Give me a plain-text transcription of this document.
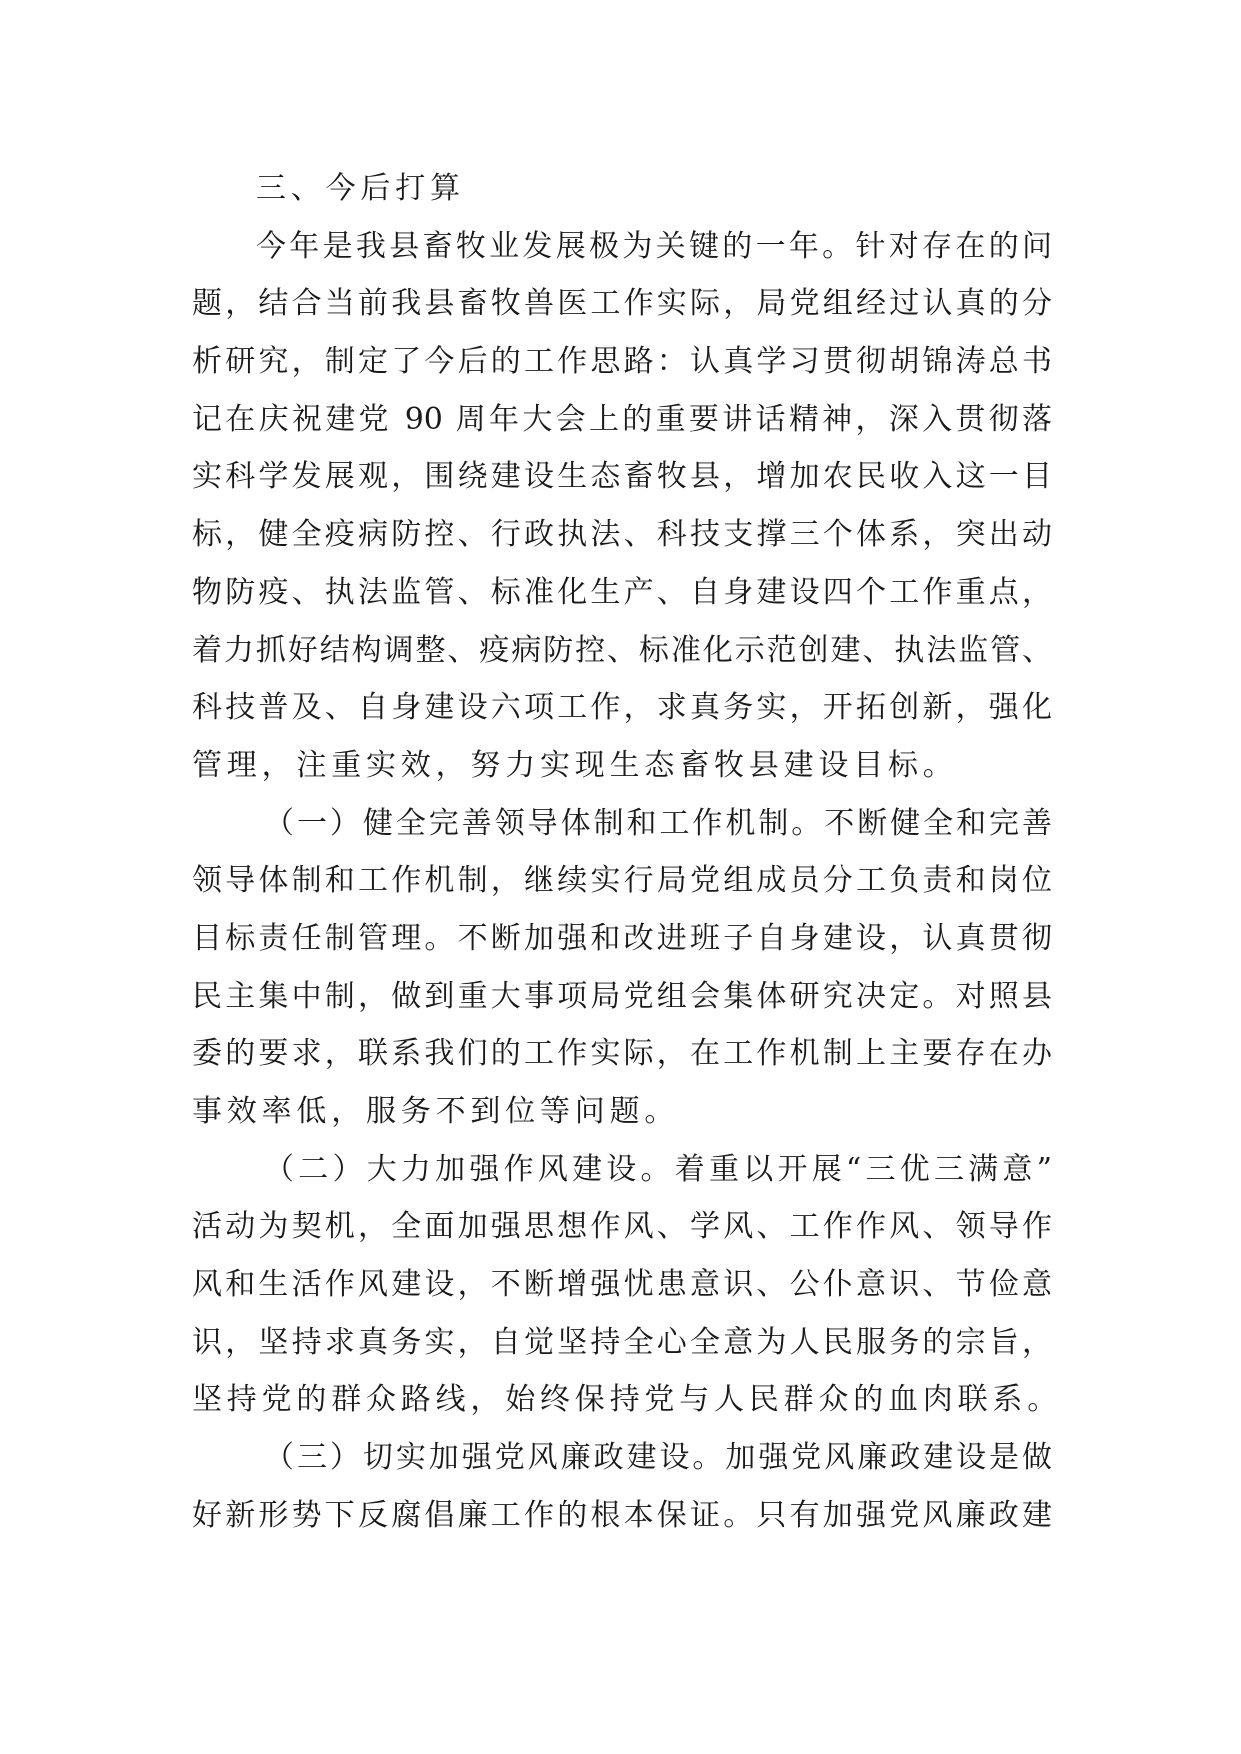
三、今后打算
今年是我县畜牧业发展极为关键的一年。针对存在的问
题，结合当前我县畜牧兽医工作实际，局党组经过认真的分
析研究，制定了今后的工作思路：认真学习贯彻胡锦涛总书
记在庆祝建党 90 周年大会上的重要讲话精神，深入贯彻落
实科学发展观，围绕建设生态畜牧县，增加农民收入这一目
标，健全疫病防控、行政执法、科技支撑三个体系，突出动
物防疫、执法监管、标准化生产、自身建设四个工作重点，
着力抓好结构调整、疫病防控、标准化示范创建、执法监管、
科技普及、自身建设六项工作，求真务实，开拓创新，强化
管理，注重实效，努力实现生态畜牧县建设目标。
（一）健全完善领导体制和工作机制。不断健全和完善
领导体制和工作机制，继续实行局党组成员分工负责和岗位
目标责任制管理。不断加强和改进班子自身建设，认真贯彻
民主集中制，做到重大事项局党组会集体研究决定。对照县
委的要求，联系我们的工作实际，在工作机制上主要存在办
事效率低，服务不到位等问题。
（二）大力加强作风建设。着重以开展“三优三满意”
活动为契机，全面加强思想作风、学风、工作作风、领导作
风和生活作风建设，不断增强忧患意识、公仆意识、节俭意
识，坚持求真务实，自觉坚持全心全意为人民服务的宗旨，
坚持党的群众路线，始终保持党与人民群众的血肉联系。
（三）切实加强党风廉政建设。加强党风廉政建设是做
好新形势下反腐倡廉工作的根本保证。只有加强党风廉政建
